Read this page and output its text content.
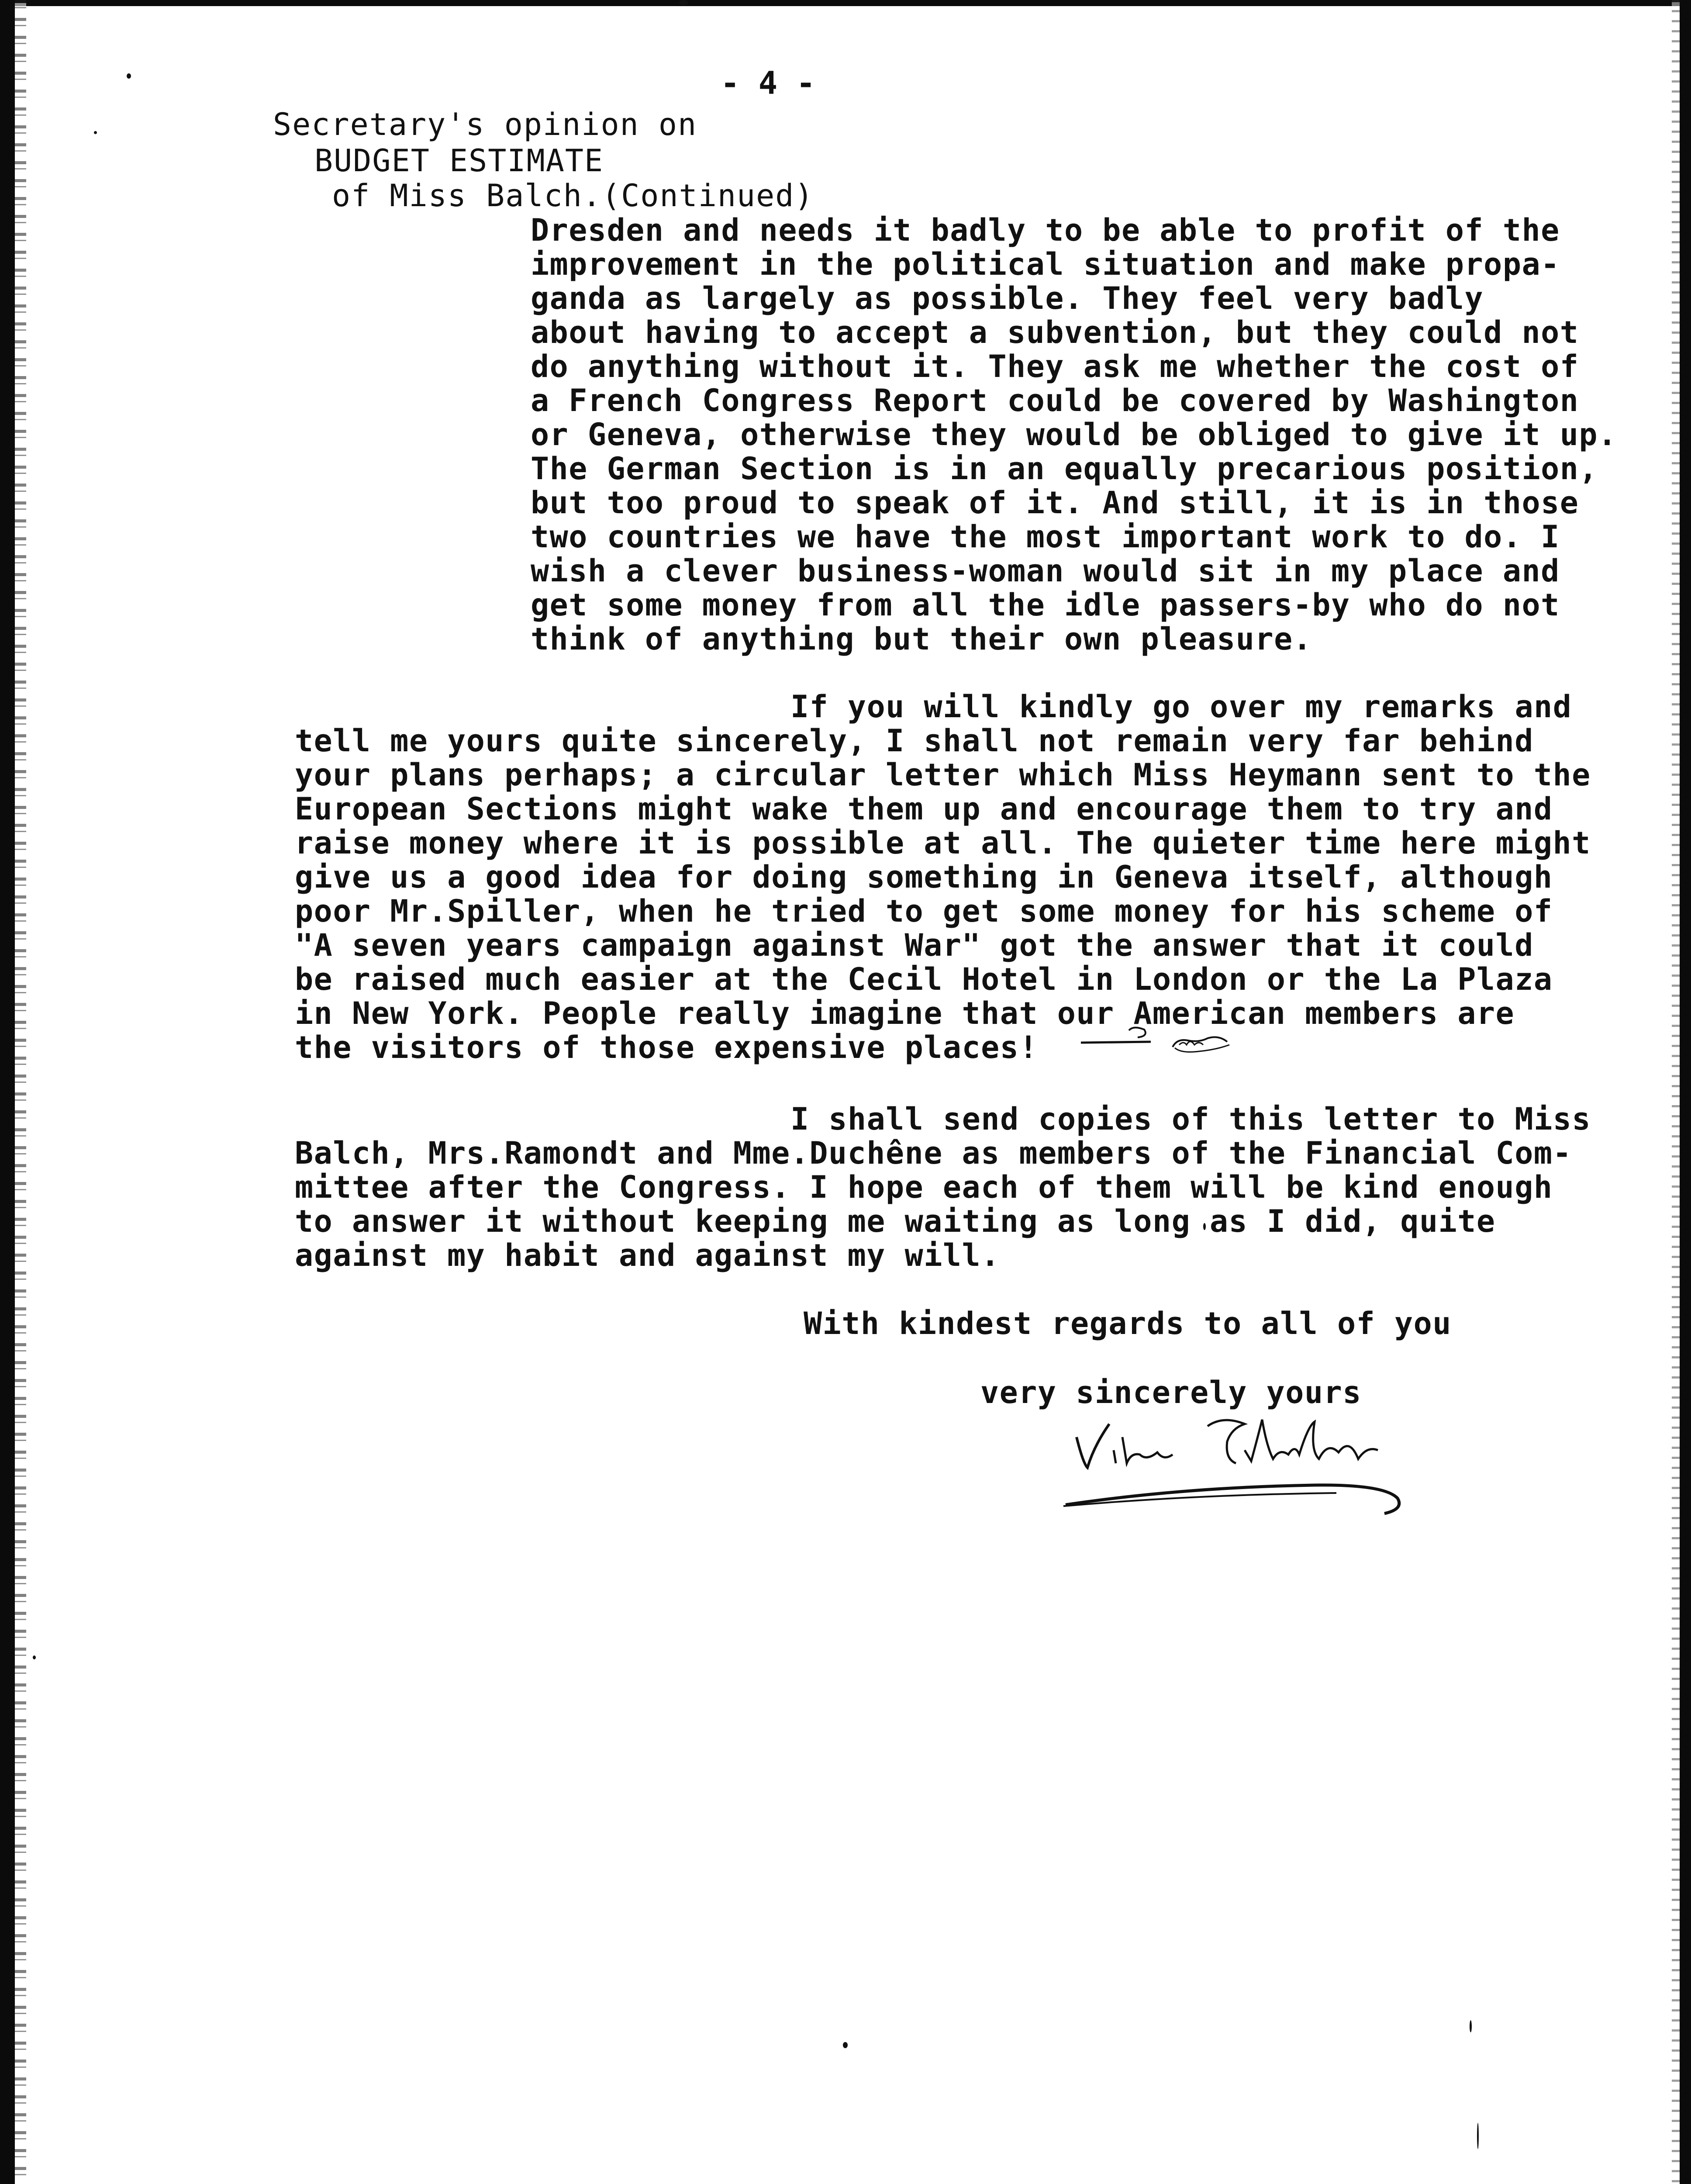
- 4 -
Secretary's opinion on
BUDGET ESTIMATE
of Miss Balch.(Continued)
Dresden and needs it badly to be able to profit of the
improvement in the political situation and make propa-
ganda as largely as possible. They feel very badly
about having to accept a subvention, but they could not
do anything without it. They ask me whether the cost of
a French Congress Report could be covered by Washington
or Geneva, otherwise they would be obliged to give it up.
The German Section is in an equally precarious position,
but too proud to speak of it. And still, it is in those
two countries we have the most important work to do. I
wish a clever business-woman would sit in my place and
get some money from all the idle passers-by who do not
think of anything but their own pleasure.
If you will kindly go over my remarks and
tell me yours quite sincerely, I shall not remain very far behind
your plans perhaps; a circular letter which Miss Heymann sent to the
European Sections might wake them up and encourage them to try and
raise money where it is possible at all. The quieter time here might
give us a good idea for doing something in Geneva itself, although
poor Mr.Spiller, when he tried to get some money for his scheme of
"A seven years campaign against War" got the answer that it could
be raised much easier at the Cecil Hotel in London or the La Plaza
in New York. People really imagine that our American members are
the visitors of those expensive places!
I shall send copies of this letter to Miss
Balch, Mrs.Ramondt and Mme.Duchêne as members of the Financial Com-
mittee after the Congress. I hope each of them will be kind enough
to answer it without keeping me waiting as long as I did, quite
against my habit and against my will.
With kindest regards to all of you
very sincerely yours
